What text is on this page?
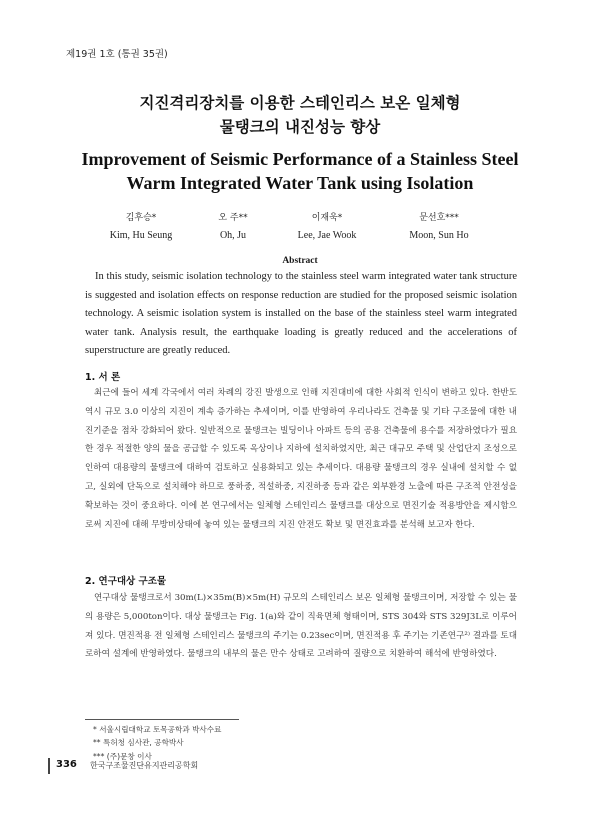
제19권 1호 (통권 35권)
지진격리장치를 이용한 스테인리스 보온 일체형
물탱크의 내진성능 향상
Improvement of Seismic Performance of a Stainless Steel
Warm Integrated Water Tank using Isolation
김후승*
Kim, Hu Seung
오 주**
Oh, Ju
이재욱*
Lee, Jae Wook
문선호***
Moon, Sun Ho
Abstract

In this study, seismic isolation technology to the stainless steel warm integrated water tank structure is suggested and isolation effects on response reduction are studied for the proposed seismic isolation technology. A seismic isolation system is installed on the base of the stainless steel warm integrated water tank. Analysis result, the earthquake loading is greatly reduced and the accelerations of superstructure are greatly reduced.

1. 서 론

최근에 들어 세계 각국에서 여러 차례의 강진 발생으로 인해 지진대비에 대한 사회적 인식이 변하고 있다. 한반도 역시 규모 3.0 이상의 지진이 계속 증가하는 추세이며, 이를 반영하여 우리나라도 건축물 및 기타 구조물에 대한 내진기준을 점차 강화되어 왔다. 일반적으로 물탱크는 빌딩이나 아파트 등의 공용 건축물에 용수를 저장하였다가 필요한 경우 적절한 양의 물을 공급할 수 있도록 옥상이나 지하에 설치하였지만, 최근 대규모 주택 및 산업단지 조성으로 인하여 대용량의 물탱크에 대하여 검토하고 실용화되고 있는 추세이다. 대용량 물탱크의 경우 실내에 설치할 수 없고, 실외에 단독으로 설치해야 하므로 풍하중, 적설하중, 지진하중 등과 같은 외부환경 노출에 따른 구조적 안전성을 확보하는 것이 중요하다. 이에 본 연구에서는 일체형 스테인리스 물탱크를 대상으로 면진기술 적용방안을 제시함으로써 지진에 대해 무방비상태에 놓여 있는 물탱크의 지진 안전도 확보 및 면진효과를 분석해 보고자 한다.

2. 연구대상 구조물

연구대상 물탱크로서 30m(L)×35m(B)×5m(H) 규모의 스테인리스 보온 일체형 물탱크이며, 저장할 수 있는 물의 용량은 5,000ton이다. 대상 물탱크는 Fig. 1(a)와 같이 직육면체 형태이며, STS 304와 STS 329J3L로 이루어져 있다. 면진적용 전 일체형 스테인리스 물탱크의 주기는 0.23sec이며, 면진적용 후 주기는 기존연구²⁾ 결과를 토대로하여 설계에 반영하였다. 물탱크의 내부의 물은 만수 상태로 고려하여 질량으로 치환하여 해석에 반영하였다.

* 서울시립대학교 토목공학과 박사수료
** 특허청 심사관, 공학박사
*** (주)문창 이사
336 한국구조물진단유지관리공학회
